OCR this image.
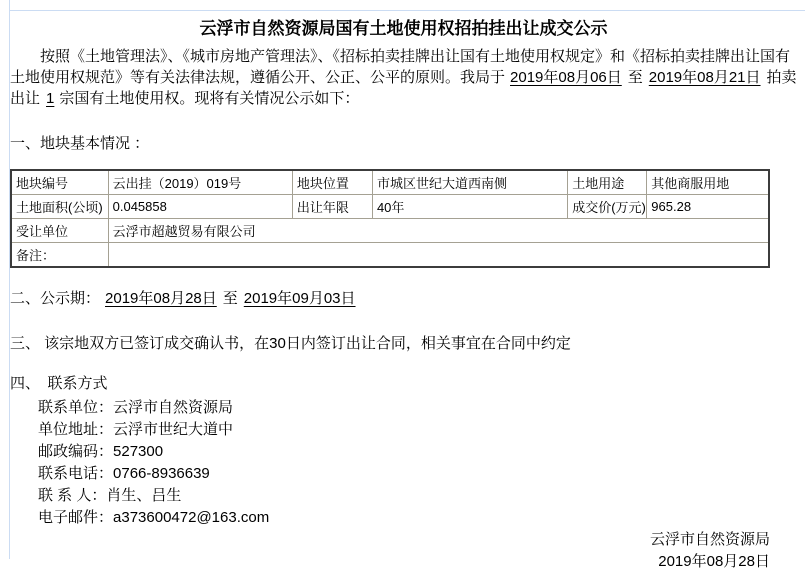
云浮市自然资源局国有土地使用权招拍挂出让成交公示

按照《土地管理法》、《城市房地产管理法》、《招标拍卖挂牌出让国有土地使用权规定》和《招标拍卖挂牌出让国有土地使用权规范》等有关法律法规，遵循公开、公正、公平的原则。我局于 2019年08月06日 至 2019年08月21日 拍卖出让 1 宗国有土地使用权。现将有关情况公示如下：

一、地块基本情况 ：
地块编号	云出挂（2019）019号	地块位置	市城区世纪大道西南侧	土地用途	其他商服用地
土地面积(公顷)	0.045858	出让年限	40年	成交价(万元)	965.28
受让单位	云浮市超越贸易有限公司				
备注：					
二、公示期： 2019年08月28日 至 2019年09月03日
三、 该宗地双方已签订成交确认书，在30日内签订出让合同，相关事宜在合同中约定
四、　联系方式
联系单位：云浮市自然资源局
单位地址：云浮市世纪大道中
邮政编码：527300
联系电话：0766-8936639
联 系 人：肖生、吕生
电子邮件：a373600472@163.com
云浮市自然资源局
2019年08月28日
